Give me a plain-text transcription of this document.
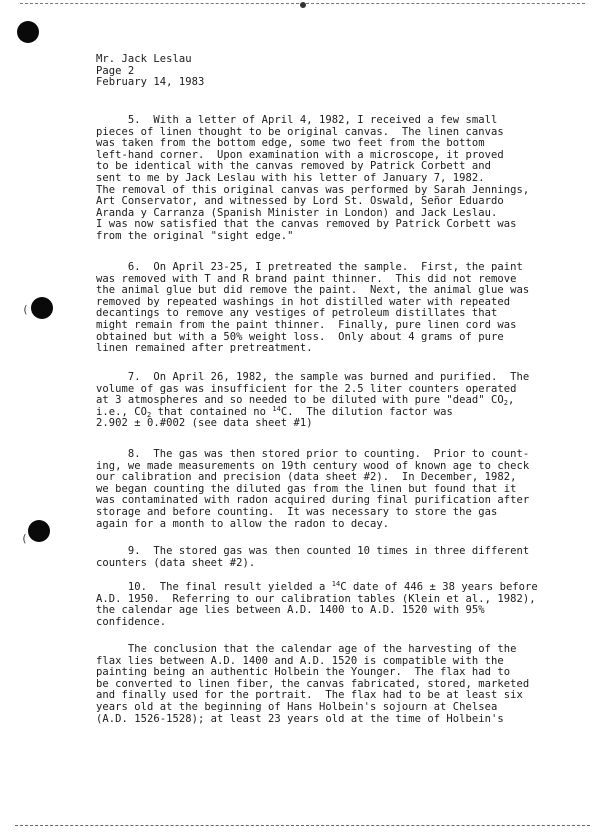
(
(
Mr. Jack Leslau
Page 2
February 14, 1983
5.  With a letter of April 4, 1982, I received a few small
pieces of linen thought to be original canvas.  The linen canvas
was taken from the bottom edge, some two feet from the bottom
left-hand corner.  Upon examination with a microscope, it proved
to be identical with the canvas removed by Patrick Corbett and
sent to me by Jack Leslau with his letter of January 7, 1982.
The removal of this original canvas was performed by Sarah Jennings,
Art Conservator, and witnessed by Lord St. Oswald, Señor Eduardo
Aranda y Carranza (Spanish Minister in London) and Jack Leslau.
I was now satisfied that the canvas removed by Patrick Corbett was
from the original "sight edge."
6.  On April 23-25, I pretreated the sample.  First, the paint
was removed with T and R brand paint thinner.  This did not remove
the animal glue but did remove the paint.  Next, the animal glue was
removed by repeated washings in hot distilled water with repeated
decantings to remove any vestiges of petroleum distillates that
might remain from the paint thinner.  Finally, pure linen cord was
obtained but with a 50% weight loss.  Only about 4 grams of pure
linen remained after pretreatment.
7.  On April 26, 1982, the sample was burned and purified.  The
volume of gas was insufficient for the 2.5 liter counters operated
at 3 atmospheres and so needed to be diluted with pure "dead" $CO_2$,
i.e., $CO_2$ that contained no $^{14}$C.  The dilution factor was
2.902 ± 0.#002 (see data sheet #1)
8.  The gas was then stored prior to counting.  Prior to count-
ing, we made measurements on 19th century wood of known age to check
our calibration and precision (data sheet #2).  In December, 1982,
we began counting the diluted gas from the linen but found that it
was contaminated with radon acquired during final purification after
storage and before counting.  It was necessary to store the gas
again for a month to allow the radon to decay.
9.  The stored gas was then counted 10 times in three different
counters (data sheet #2).
10.  The final result yielded a $^{14}$C date of 446 ± 38 years before
A.D. 1950.  Referring to our calibration tables (Klein et al., 1982),
the calendar age lies between A.D. 1400 to A.D. 1520 with 95%
confidence.
The conclusion that the calendar age of the harvesting of the
flax lies between A.D. 1400 and A.D. 1520 is compatible with the
painting being an authentic Holbein the Younger.  The flax had to
be converted to linen fiber, the canvas fabricated, stored, marketed
and finally used for the portrait.  The flax had to be at least six
years old at the beginning of Hans Holbein's sojourn at Chelsea
(A.D. 1526-1528); at least 23 years old at the time of Holbein's
